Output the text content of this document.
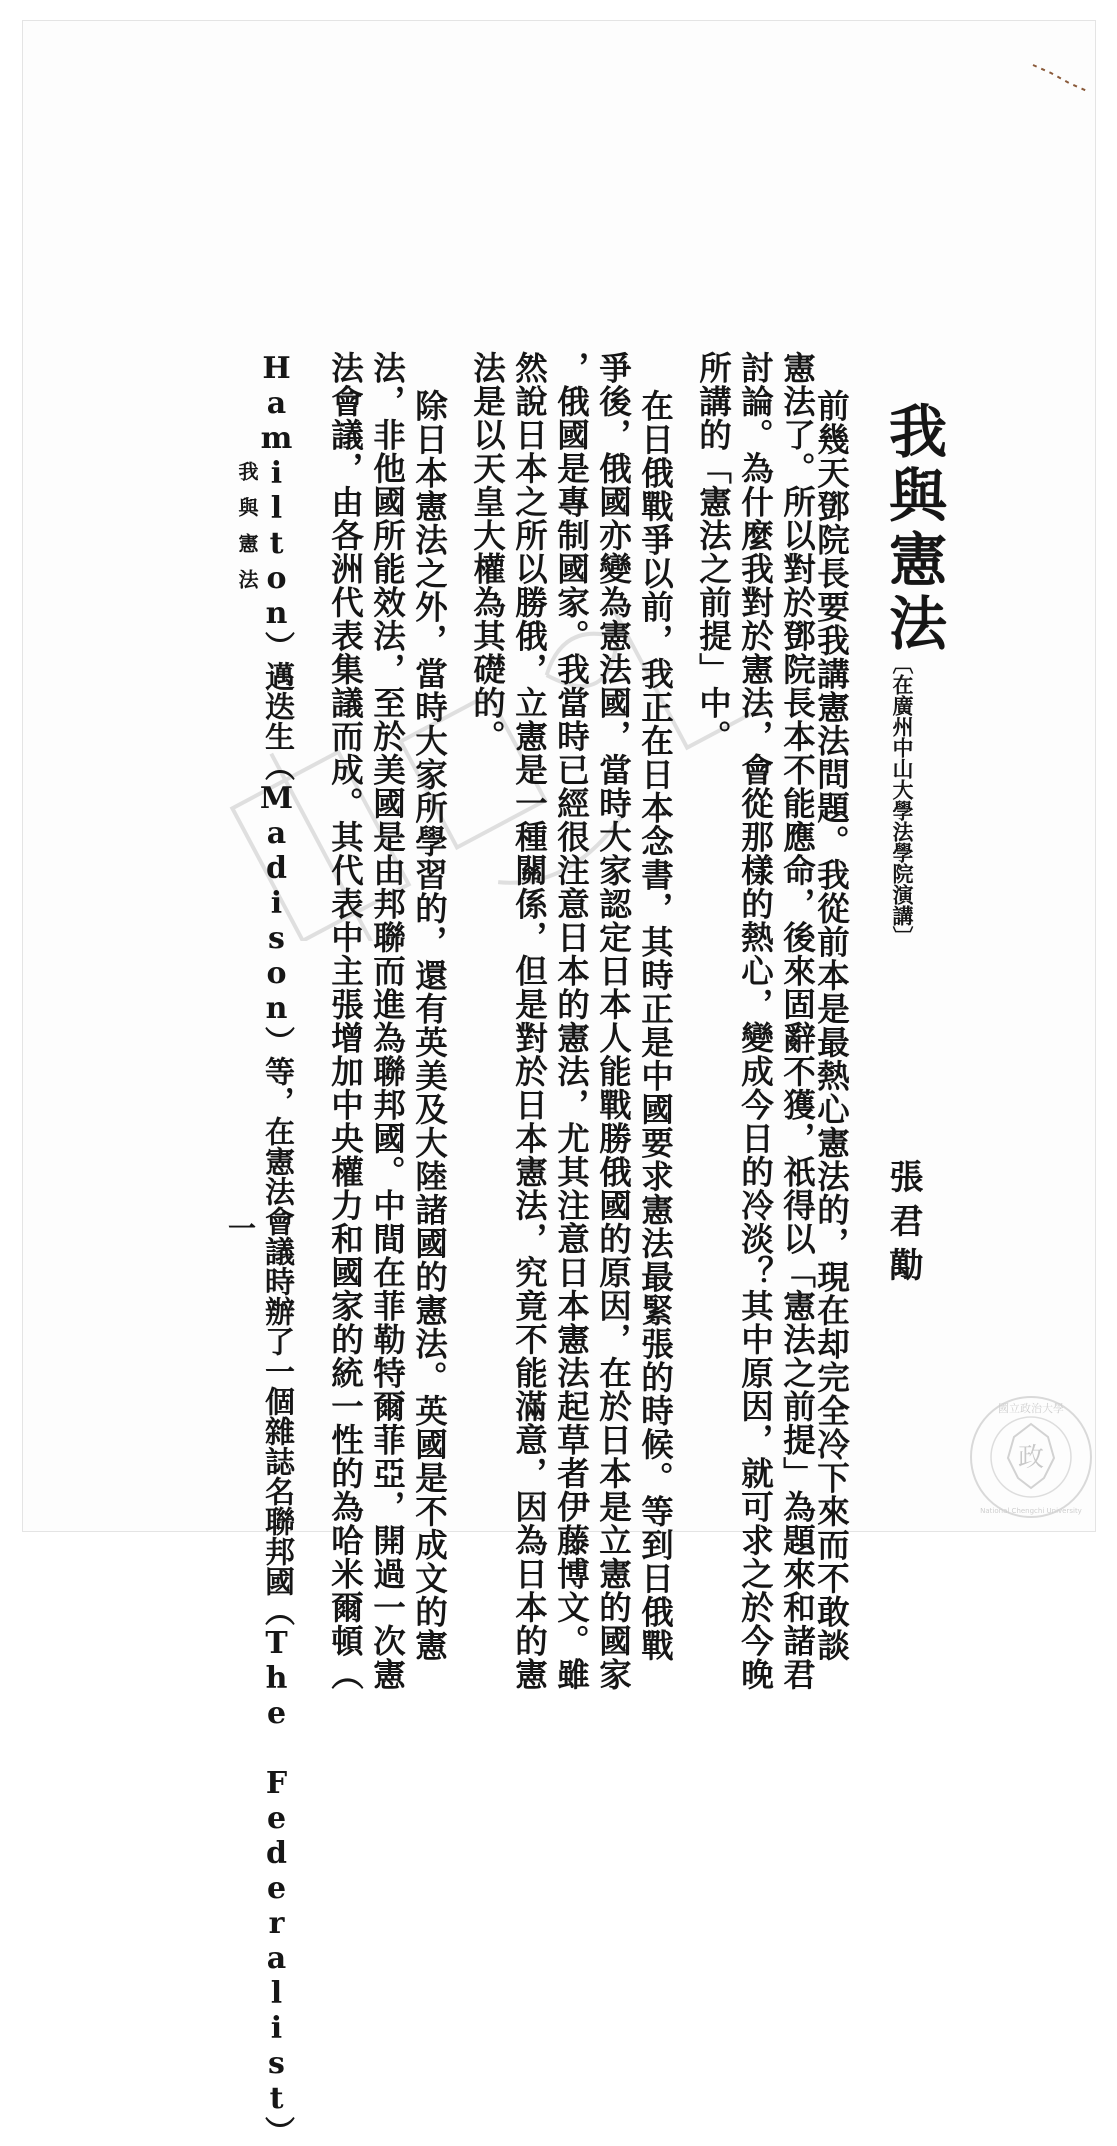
我與憲法
︹在廣州中山大學法學院演講︺
張君勱
前幾天鄧院長要我講憲法問題。我從前本是最熱心憲法的，現在却完全冷下來而不敢談
憲法了。所以對於鄧院長本不能應命，後來固辭不獲，祇得以「憲法之前提」為題來和諸君
討論。為什麼我對於憲法，會從那樣的熱心，變成今日的冷淡？其中原因，就可求之於今晚
所講的「憲法之前提」中。
在日俄戰爭以前，我正在日本念書，其時正是中國要求憲法最緊張的時候。等到日俄戰
爭後，俄國亦變為憲法國，當時大家認定日本人能戰勝俄國的原因，在於日本是立憲的國家
，俄國是專制國家。我當時已經很注意日本的憲法，尤其注意日本憲法起草者伊藤博文。雖
然說日本之所以勝俄，立憲是一種關係，但是對於日本憲法，究竟不能滿意，因為日本的憲
法是以天皇大權為其礎的。
除日本憲法之外，當時大家所學習的，還有英美及大陸諸國的憲法。英國是不成文的憲
法，非他國所能效法，至於美國是由邦聯而進為聯邦國。中間在菲勒特爾菲亞，開過一次憲
法會議，由各洲代表集議而成。其代表中主張增加中央權力和國家的統一性的為哈米爾頓（
Hamilton）邁迭生（Madison）等，在憲法會議時辦了一個雜誌名聯邦國（The Federalist）
我與憲法
一
政
國立政治大學
National Chengchi University
